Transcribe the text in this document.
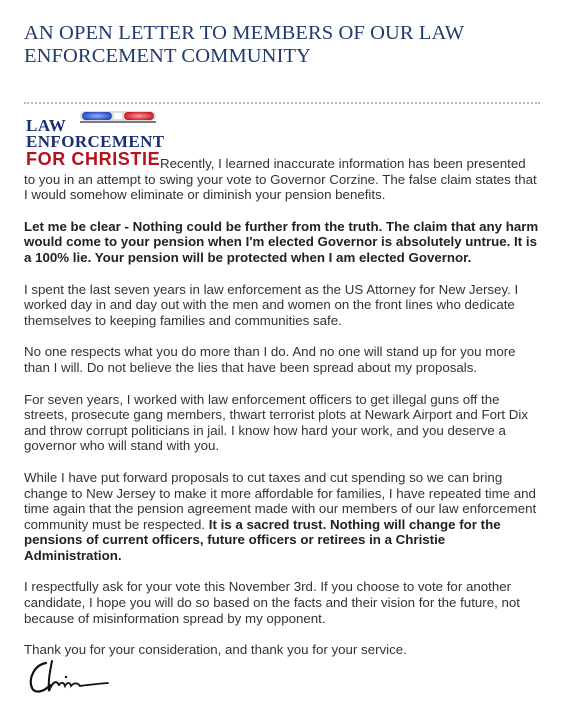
AN OPEN LETTER TO MEMBERS OF OUR LAW
ENFORCEMENT COMMUNITY
LAW
ENFORCEMENT
FOR CHRISTIE Recently, I learned inaccurate information has been presented to you in an attempt to swing your vote to Governor Corzine. The false claim states that I would somehow eliminate or diminish your pension benefits.

Let me be clear - Nothing could be further from the truth. The claim that any harm would come to your pension when I'm elected Governor is absolutely untrue. It is a 100% lie. Your pension will be protected when I am elected Governor.

I spent the last seven years in law enforcement as the US Attorney for New Jersey. I worked day in and day out with the men and women on the front lines who dedicate themselves to keeping families and communities safe.

No one respects what you do more than I do. And no one will stand up for you more than I will. Do not believe the lies that have been spread about my proposals.

For seven years, I worked with law enforcement officers to get illegal guns off the streets, prosecute gang members, thwart terrorist plots at Newark Airport and Fort Dix and throw corrupt politicians in jail. I know how hard your work, and you deserve a governor who will stand with you.

While I have put forward proposals to cut taxes and cut spending so we can bring change to New Jersey to make it more affordable for families, I have repeated time and time again that the pension agreement made with our members of our law enforcement community must be respected. It is a sacred trust. Nothing will change for the pensions of current officers, future officers or retirees in a Christie Administration.

I respectfully ask for your vote this November 3rd. If you choose to vote for another candidate, I hope you will do so based on the facts and their vision for the future, not because of misinformation spread by my opponent.

Thank you for your consideration, and thank you for your service.
